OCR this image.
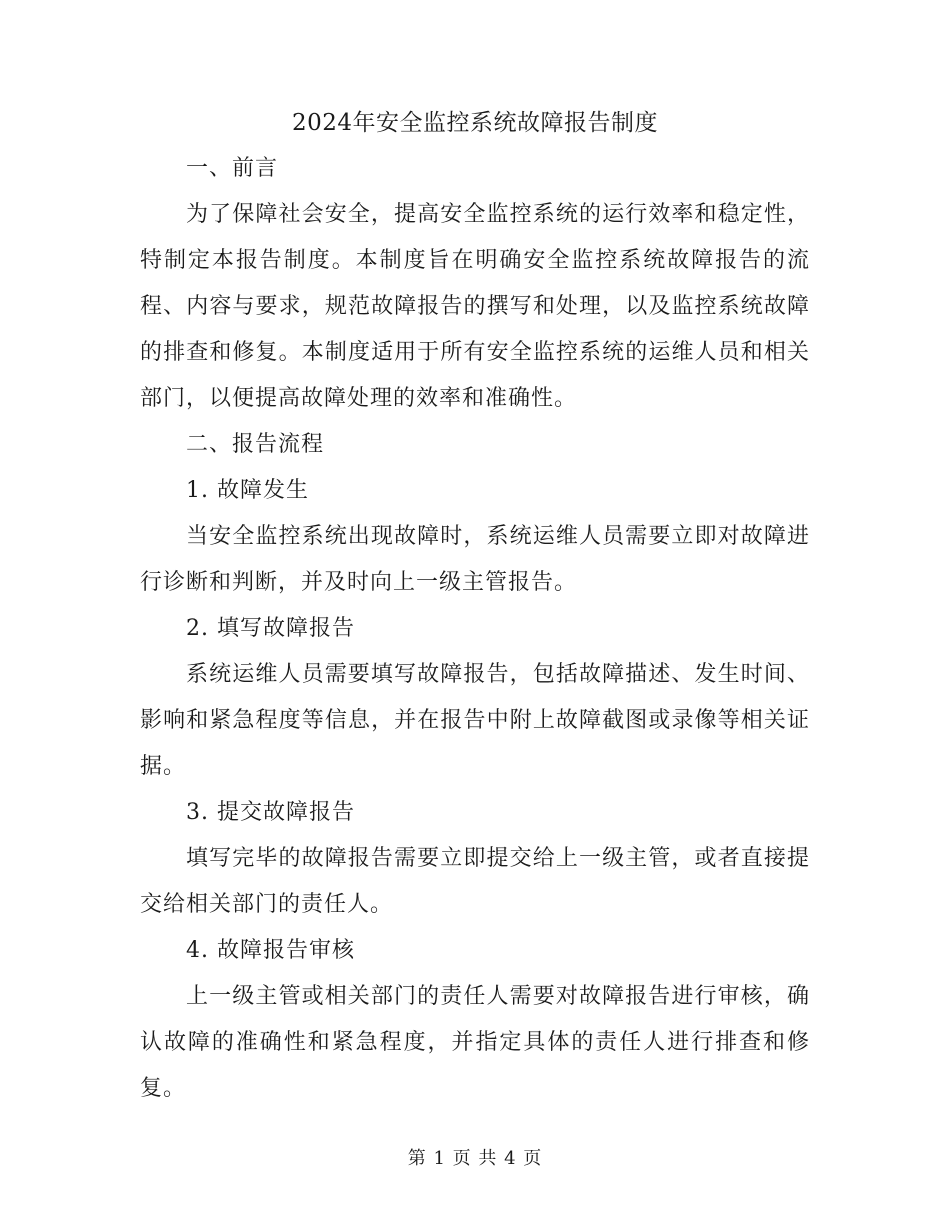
2024年安全监控系统故障报告制度

一、前言

为了保障社会安全，提高安全监控系统的运行效率和稳定性，特制定本报告制度。本制度旨在明确安全监控系统故障报告的流程、内容与要求，规范故障报告的撰写和处理，以及监控系统故障的排查和修复。本制度适用于所有安全监控系统的运维人员和相关部门，以便提高故障处理的效率和准确性。

二、报告流程

1. 故障发生

当安全监控系统出现故障时，系统运维人员需要立即对故障进行诊断和判断，并及时向上一级主管报告。

2. 填写故障报告

系统运维人员需要填写故障报告，包括故障描述、发生时间、影响和紧急程度等信息，并在报告中附上故障截图或录像等相关证据。

3. 提交故障报告

填写完毕的故障报告需要立即提交给上一级主管，或者直接提交给相关部门的责任人。

4. 故障报告审核

上一级主管或相关部门的责任人需要对故障报告进行审核，确认故障的准确性和紧急程度，并指定具体的责任人进行排查和修复。

第 1 页 共 4 页
